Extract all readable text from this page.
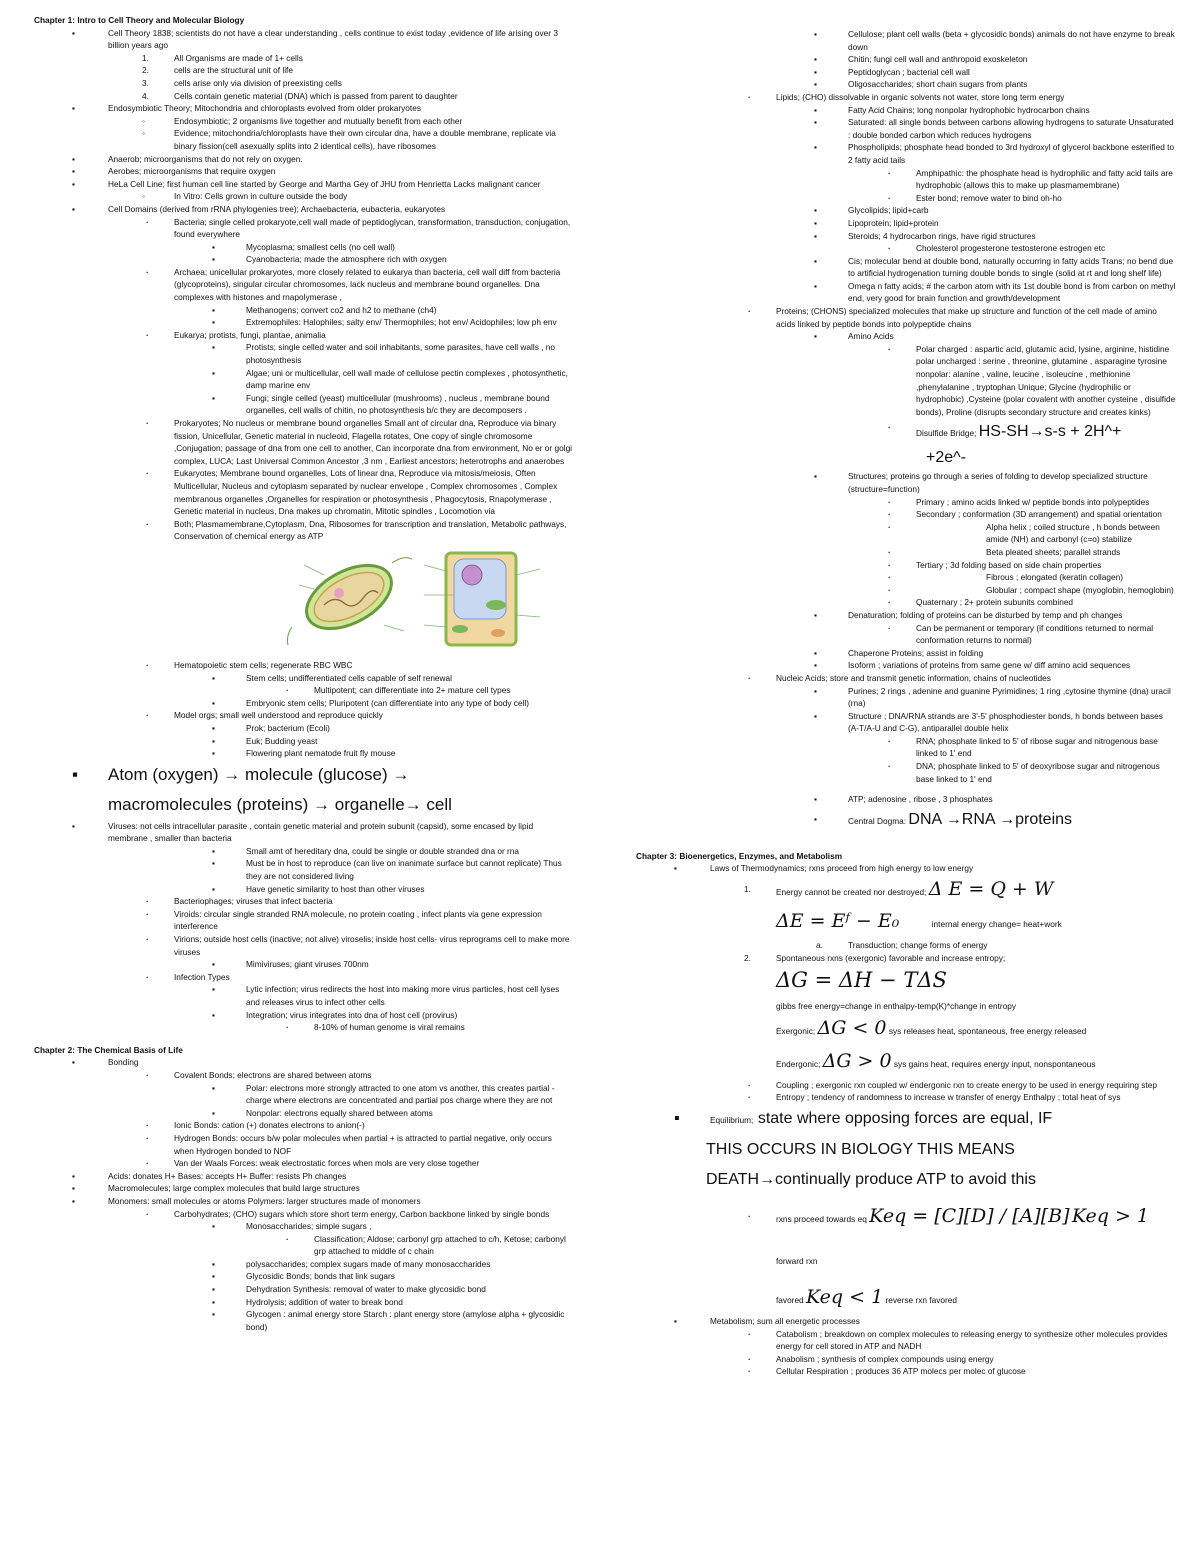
Chapter 1: Intro to Cell Theory and Molecular Biology

▪ Cell Theory 1838; scientists do not have a clear understanding , cells continue to exist today ,evidence of life arising over 3 billion years ago

1.	All Organisms are made of 1+ cells

2.	cells are the structural unit of life

3.	cells arise only via division of preexisting cells

4.	Cells contain genetic material (DNA) which is passed from parent to daughter

▪ Endosymbiotic Theory; Mitochondria and chloroplasts evolved from older prokaryotes

◦ Endosymbiotic; 2 organisms live together and mutually benefit from each other

◦ Evidence; mitochondria/chloroplasts have their own circular dna, have a double membrane, replicate via binary fission(cell asexually splits into 2 identical cells), have ribosomes

▪ Anaerob; microorganisms that do not rely on oxygen.

▪ Aerobes; microorganisms that require oxygen

▪ HeLa Cell Line; first human cell line started by George and Martha Gey of JHU from Henrietta Lacks malignant cancer

◦ In Vitro: Cells grown in culture outside the body

▪ Cell Domains (derived from rRNA phylogenies tree); Archaebacteria, eubacteria, eukaryotes

· Bacteria; single celled prokaryote,cell wall made of peptidoglycan, transformation, transduction, conjugation, found everywhere

▪ Mycoplasma; smallest cells (no cell wall)

▪ Cyanobacteria; made the atmosphere rich with oxygen

· Archaea; unicellular prokaryotes, more closely related to eukarya than bacteria, cell wall diff from bacteria (glycoproteins), singular circular chromosomes, lack nucleus and membrane bound organelles. Dna complexes with histones and rnapolymerase ,

▪ Methanogens; convert co2 and h2 to methane (ch4)

▪ Extremophiles: Halophiles; salty env/ Thermophiles; hot env/ Acidophiles; low ph env

· Eukarya; protists, fungi, plantae, animalia

▪ Protists; single celled water and soil inhabitants, some parasites, have cell walls , no photosynthesis

▪ Algae; uni or multicellular, cell wall made of cellulose pectin complexes , photosynthetic, damp marine env

▪ Fungi; single celled (yeast) multicellular (mushrooms) , nucleus , membrane bound organelles, cell walls of chitin, no photosynthesis b/c they are decomposers .

· Prokaryotes; No nucleus or membrane bound organelles Small ant of circular dna, Reproduce via binary fission, Unicellular, Genetic material in nucleoid, Flagella rotates, One copy of single chromosome ,Conjugation; passage of dna from one cell to another, Can incorporate dna from environment, No er or golgi complex, LUCA; Last Universal Common Ancestor ,3 nm , Earliest ancestors; heterotrophs and anaerobes

· Eukaryotes; Membrane bound organelles, Lots of linear dna, Reproduce via mitosis/meiosis, Often Multicellular, Nucleus and cytoplasm separated by nuclear envelope , Complex chromosomes , Complex membranous organelles ,Organelles for respiration or photosynthesis , Phagocytosis, Rnapolymerase , Genetic material in nucleus, Dna makes up chromatin, Mitotic spindles , Locomotion via

· Both; Plasmamembrane,Cytoplasm, Dna, Ribosomes for transcription and translation, Metabolic pathways, Conservation of chemical energy as ATP

· Hematopoietic stem cells; regenerate RBC WBC

▪ Stem cells; undifferentiated cells capable of self renewal

· Multipotent; can differentiate into 2+ mature cell types

▪ Embryonic stem cells; Pluripotent (can differentiate into any type of body cell)

· Model orgs; small well understood and reproduce quickly

▪ Prok; bacterium (Ecoli)

▪ Euk; Budding yeast

▪ Flowering plant nematode fruit fly mouse

▪ Atom (oxygen) → molecule (glucose) →

macromolecules (proteins) → organelle→ cell

▪ Viruses: not cells intracellular parasite , contain genetic material and protein subunit (capsid), some encased by lipid membrane , smaller than bacteria

▪ Small amt of hereditary dna, could be single or double stranded dna or rna

▪ Must be in host to reproduce (can live on inanimate surface but cannot replicate) Thus they are not considered living

▪ Have genetic similarity to host than other viruses

· Bacteriophages; viruses that infect bacteria

· Viroids: circular single stranded RNA molecule, no protein coating , infect plants via gene expression interference

· Virions; outside host cells (inactive; not alive) viroselis; inside host cells- virus reprograms cell to make more viruses

▪ Mimiviruses; giant viruses 700nm

· Infection Types

▪ Lytic infection; virus redirects the host into making more virus particles, host cell lyses and releases virus to infect other cells

▪ Integration; virus integrates into dna of host cell (provirus)

· 8-10% of human genome is viral remains

Chapter 2: The Chemical Basis of Life

▪ Bonding

· Covalent Bonds; electrons are shared between atoms

▪ Polar: electrons more strongly attracted to one atom vs another, this creates partial - charge where electrons are concentrated and partial pos charge where they are not

▪ Nonpolar: electrons equally shared between atoms

· Ionic Bonds: cation (+) donates electrons to anion(-)

· Hydrogen Bonds: occurs b/w polar molecules when partial + is attracted to partial negative, only occurs when Hydrogen bonded to NOF

· Van der Waals Forces: weak electrostatic forces when mols are very close together

▪ Acids: donates H+ Bases: accepts H+ Buffer: resists Ph changes

▪ Macromolecules; large complex molecules that build large structures

▪ Monomers: small molecules or atoms Polymers: larger structures made of monomers

· Carbohydrates; (CHO) sugars which store short term energy, Carbon backbone linked by single bonds

▪ Monosaccharides; simple sugars ,

· Classification; Aldose; carbonyl grp attached to c/h, Ketose; carbonyl grp attached to middle of c chain

▪ polysaccharides; complex sugars made of many monosaccharides

▪ Glycosidic Bonds; bonds that link sugars

▪ Dehydration Synthesis: removal of water to make glycosidic bond

▪ Hydrolysis; addition of water to break bond

▪ Glycogen : animal energy store Starch : plant energy store (amylose alpha + glycosidic bond)

▪ Cellulose; plant cell walls (beta + glycosidic bonds) animals do not have enzyme to break down

▪ Chitin; fungi cell wall and anthropoid exoskeleton

▪ Peptidoglycan ; bacterial cell wall

▪ Oligosaccharides; short chain sugars from plants

· Lipids; (CHO) dissolvable in organic solvents not water, store long term energy

▪ Fatty Acid Chains; long nonpolar hydrophobic hydrocarbon chains

▪ Saturated: all single bonds between carbons allowing hydrogens to saturate Unsaturated : double bonded carbon which reduces hydrogens

▪ Phospholipids; phosphate head bonded to 3rd hydroxyl of glycerol backbone esterified to 2 fatty acid tails

· Amphipathic: the phosphate head is hydrophilic and fatty acid tails are hydrophobic (allows this to make up plasmamembrane)

· Ester bond; remove water to bind oh-ho

▪ Glycolipids; lipid+carb

▪ Lipoprotein; lipid+protein

▪ Steroids; 4 hydrocarbon rings, have rigid structures

· Cholesterol progesterone testosterone estrogen etc

▪ Cis; molecular bend at double bond, naturally occurring in fatty acids Trans; no bend due to artificial hydrogenation turning double bonds to single (solid at rt and long shelf life)

▪ Omega n fatty acids; # the carbon atom with its 1st double bond is from carbon on methyl end, very good for brain function and growth/development

· Proteins; (CHONS) specialized molecules that make up structure and function of the cell made of amino acids linked by peptide bonds into polypeptide chains

▪ Amino Acids

· Polar charged : aspartic acid, glutamic acid, lysine, arginine, histidine polar uncharged : serine , threonine, glutamine , asparagine tyrosine nonpolar: alanine , valine, leucine , isoleucine , methionine ,phenylalanine , tryptophan Unique; Glycine (hydrophilic or hydrophobic) ,Cysteine (polar covalent with another cysteine , disulfide bonds), Proline (disrupts secondary structure and creates kinks)

· Disulfide Bridge; HS-SH→s-s + 2H^+

+2e^-

▪ Structures; proteins go through a series of folding to develop specialized structure (structure=function)

· Primary ; amino acids linked w/ peptide bonds into polypeptides

· Secondary ; conformation (3D arrangement) and spatial orientation

· Alpha helix ; coiled structure , h bonds between amide (NH) and carbonyl (c=o) stabilize

· Beta pleated sheets; parallel strands

· Tertiary ; 3d folding based on side chain properties

· Fibrous ; elongated (keratin collagen)

· Globular ; compact shape (myoglobin, hemoglobin)

· Quaternary ; 2+ protein subunits combined

▪ Denaturation; folding of proteins can be disturbed by temp and ph changes

· Can be permanent or temporary (if conditions returned to normal conformation returns to normal)

▪ Chaperone Proteins; assist in folding

▪ Isoform ; variations of proteins from same gene w/ diff amino acid sequences

· Nucleic Acids; store and transmit genetic information, chains of nucleotides

▪ Purines; 2 rings , adenine and guanine Pyrimidines; 1 ring ,cytosine thymine (dna) uracil (rna)

▪ Structure ; DNA/RNA strands are 3'-5' phosphodiester bonds, h bonds between bases (A-T/A-U and C-G), antiparallel double helix

· RNA; phosphate linked to 5' of ribose sugar and nitrogenous base linked to 1' end

· DNA; phosphate linked to 5' of deoxyribose sugar and nitrogenous base linked to 1' end

▪ ATP; adenosine , ribose , 3 phosphates

▪ Central Dogma: DNA →RNA →proteins

Chapter 3: Bioenergetics, Enzymes, and Metabolism

▪ Laws of Thermodynamics; rxns proceed from high energy to low energy

1.	Energy cannot be created nor destroyed; Δ E = Q + W

ΔE = Eᶠ − E₀	internal energy change= heat+work

a.	Transduction; change forms of energy

2.	Spontaneous rxns (exergonic) favorable and increase entropy;

ΔG = ΔH − TΔS

gibbs free energy=change in enthalpy-temp(K)*change in entropy

Exergonic; ΔG < 0 sys releases heat, spontaneous, free energy released

Endergonic; ΔG > 0 sys gains heat, requires energy input, nonspontaneous

· Coupling ; exergonic rxn coupled w/ endergonic rxn to create energy to be used in energy requiring step

· Entropy ; tendency of randomness to increase w transfer of energy Enthalpy ; total heat of sys

▪ Equilibrium; state where opposing forces are equal, IF

THIS OCCURS IN BIOLOGY THIS MEANS

DEATH→continually produce ATP to avoid this

· rxns proceed towards eq Keq = [C][D] / [A][B] Keq > 1 forward rxn

favored Keq < 1 reverse rxn favored

▪ Metabolism; sum all energetic processes

· Catabolism ; breakdown on complex molecules to releasing energy to synthesize other molecules provides energy for cell stored in ATP and NADH

· Anabolism ; synthesis of complex compounds using energy

· Cellular Respiration ; produces 36 ATP molecs per molec of glucose
